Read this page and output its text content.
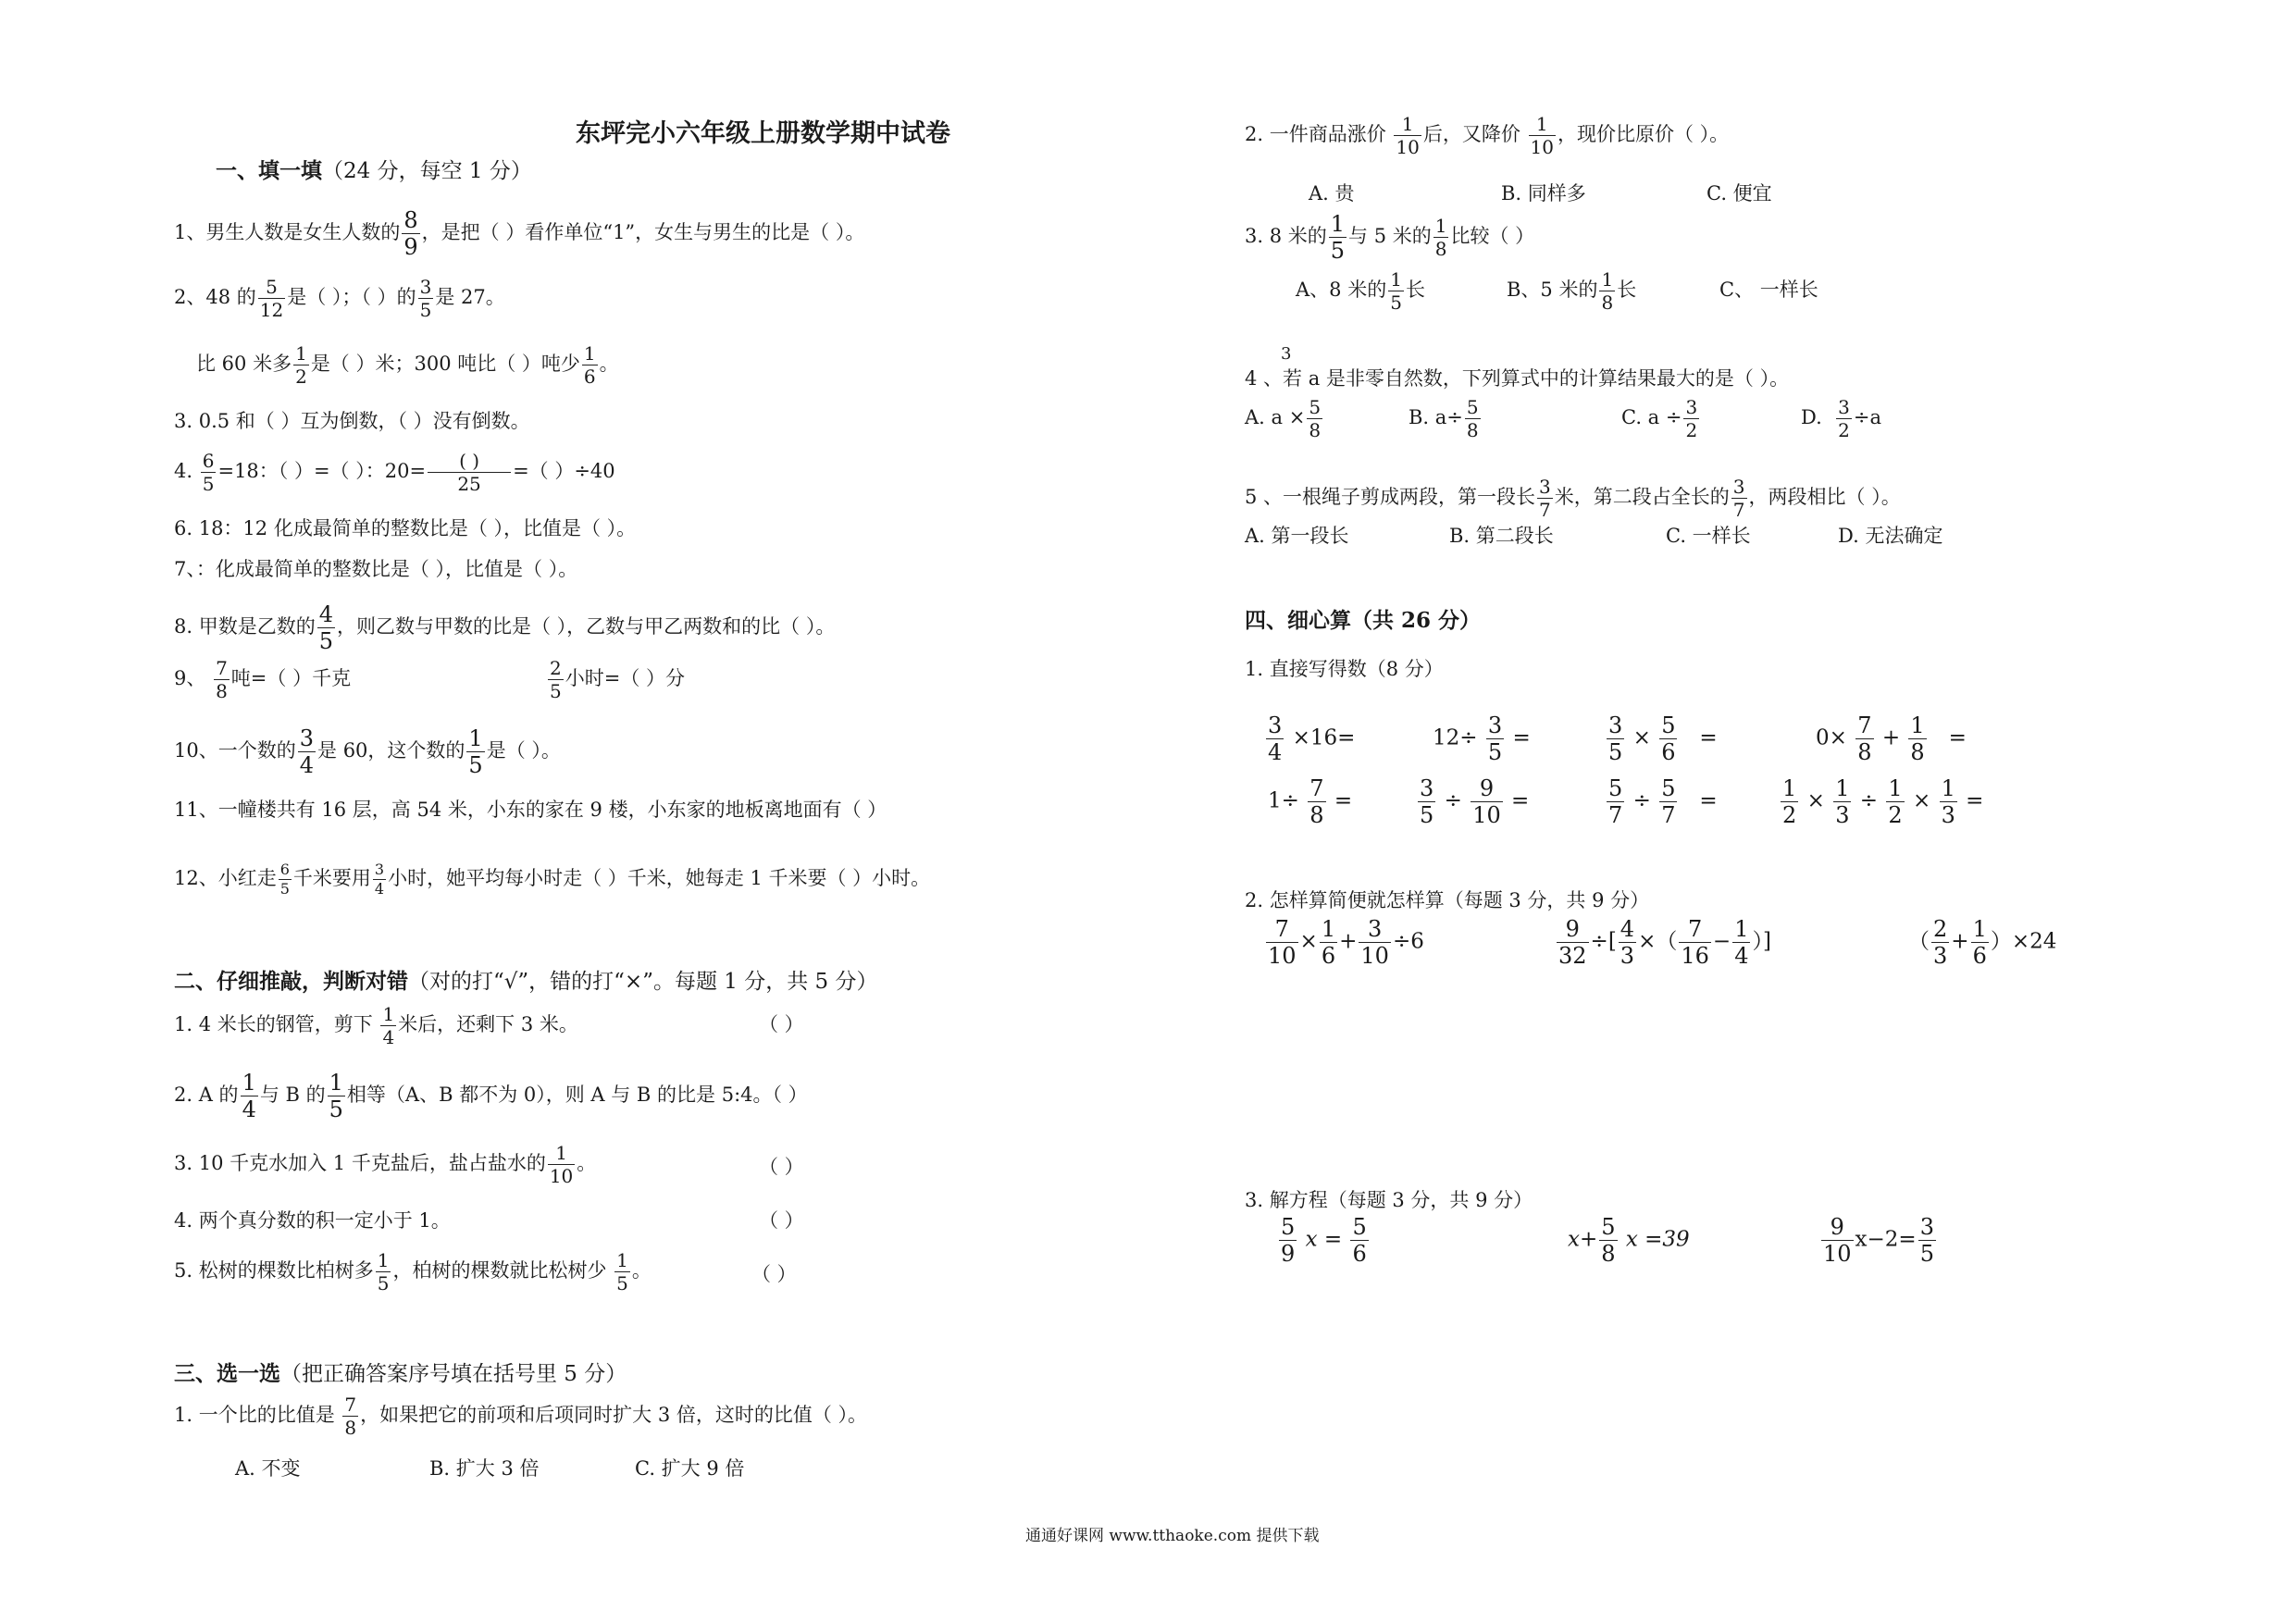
东坪完小六年级上册数学期中试卷
一、填一填（24 分，每空 1 分）
1、男生人数是女生人数的 $\frac{8}{9}$ ，是把（ ）看作单位“1”，女生与男生的比是（ ）。
2、48 的 $\frac{5}{12}$ 是（ ）；（ ）的 $\frac{3}{5}$ 是 27。
比 60 米多 $\frac{1}{2}$ 是（ ）米；300 吨比（ ）吨少 $\frac{1}{6}$ 。
3. 0.5 和（ ）互为倒数，（ ）没有倒数。
4. $\frac{6}{5} =18$：（ ）=（ ）：$20= \frac{( )}{25}$ =（ ）÷40
6. 18：12 化成最简单的整数比是（ ），比值是（ ）。
7、：化成最简单的整数比是（ ），比值是（ ）。
8. 甲数是乙数的 $\frac{4}{5}$ ，则乙数与甲数的比是（ ），乙数与甲乙两数和的比（ ）。
9、 $\frac{7}{8}$ 吨=（ ）千克	$\frac{2}{5}$ 小时=（ ）分
10、一个数的 $\frac{3}{4}$ 是 60，这个数的 $\frac{1}{5}$ 是（ ）。
11、一幢楼共有 16 层，高 54 米，小东的家在 9 楼，小东家的地板离地面有（ ）
12、小红走 $\frac{6}{5}$ 千米要用 $\frac{3}{4}$ 小时，她平均每小时走（ ）千米，她每走 1 千米要（ ）小时。
二、仔细推敲，判断对错（对的打“√”，错的打“×”。每题 1 分，共 5 分）
1. 4 米长的钢管，剪下 $\frac{1}{4}$ 米后，还剩下 3 米。	（ ）
2. A 的 $\frac{1}{4}$ 与 B 的 $\frac{1}{5}$ 相等（A、B 都不为 0），则 A 与 B 的比是 5:4。（ ）
3. 10 千克水加入 1 千克盐后，盐占盐水的 $\frac{1}{10}$ 。	（ ）
4. 两个真分数的积一定小于 1。	（ ）
5. 松树的棵数比柏树多 $\frac{1}{5}$ ，柏树的棵数就比松树少 $\frac{1}{5}$ 。	（ ）
三、选一选（把正确答案序号填在括号里 5 分）
1. 一个比的比值是 $\frac{7}{8}$ ，如果把它的前项和后项同时扩大 3 倍，这时的比值（ ）。
A. 不变	B. 扩大 3 倍	C. 扩大 9 倍
2. 一件商品涨价 $\frac{1}{10}$ 后，又降价 $\frac{1}{10}$ ，现价比原价（ ）。
A. 贵	B. 同样多	C. 便宜
3. 8 米的 $\frac{1}{5}$ 与 5 米的 $\frac{1}{8}$ 比较（ ）
A、8 米的 $\frac{1}{5}$ 长	B、5 米的 $\frac{1}{8}$ 长	C、 一样长
3
4 、若 a 是非零自然数，下列算式中的计算结果最大的是（ ）。
A. $a \times \frac{5}{8}$	B. $a\div \frac{5}{8}$	C. $a \div \frac{3}{2}$	D. $\frac{3}{2} \div a$
5 、一根绳子剪成两段，第一段长 $\frac{3}{7}$ 米，第二段占全长的 $\frac{3}{7}$ ，两段相比（ ）。
A. 第一段长	B. 第二段长	C. 一样长	D. 无法确定
四、细心算（共 26 分）
1. 直接写得数（8 分）
$\frac{3}{4} \times 16=$	$12\div \frac{3}{5}$ =	$\frac{3}{5} \times \frac{5}{6}$ =	$0\times \frac{7}{8} + \frac{1}{8}$ =
$1\div \frac{7}{8}$ =	$\frac{3}{5} \div \frac{9}{10}$ =	$\frac{5}{7} \div \frac{5}{7}$ =	$\frac{1}{2} \times \frac{1}{3} \div \frac{1}{2} \times \frac{1}{3}$ =
2. 怎样算简便就怎样算（每题 3 分，共 9 分）
$\frac{7}{10} \times \frac{1}{6} + \frac{3}{10} \div 6$	$\frac{9}{32}$ ÷[ $\frac{4}{3}$ ×（ $\frac{7}{16} - \frac{1}{4}$ ）]	（ $\frac{2}{3} + \frac{1}{6} )\times 24$
3. 解方程（每题 3 分，共 9 分）
$\frac{5}{9}$ $x = \frac{5}{6}$	$x+ \frac{5}{8}$ x =39	$\frac{9}{10} x-2= \frac{3}{5}$
通通好课网 www.tthaoke.com 提供下载
